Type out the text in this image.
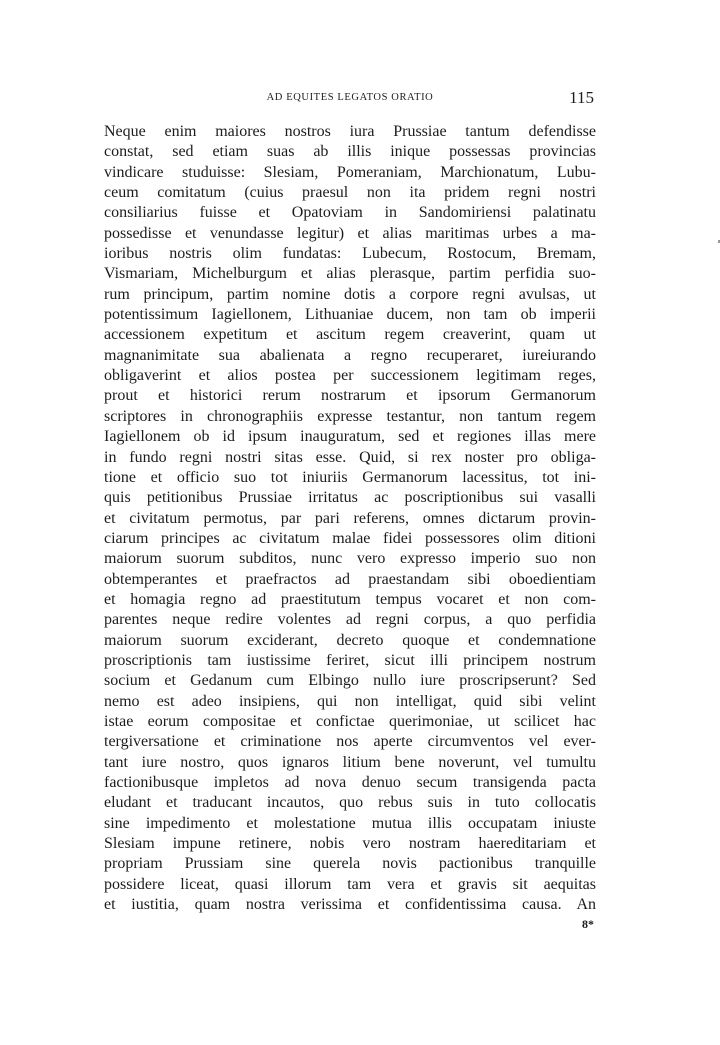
AD EQUITES LEGATOS ORATIO	115
Neque enim maiores nostros iura Prussiae tantum defendisse
constat, sed etiam suas ab illis inique possessas provincias
vindicare studuisse: Slesiam, Pomeraniam, Marchionatum, Lubu-
ceum comitatum (cuius praesul non ita pridem regni nostri
consiliarius fuisse et Opatoviam in Sandomiriensi palatinatu
possedisse et venundasse legitur) et alias maritimas urbes a ma-
ioribus nostris olim fundatas: Lubecum, Rostocum, Bremam,
Vismariam, Michelburgum et alias plerasque, partim perfidia suo-
rum principum, partim nomine dotis a corpore regni avulsas, ut
potentissimum Iagiellonem, Lithuaniae ducem, non tam ob imperii
accessionem expetitum et ascitum regem creaverint, quam ut
magnanimitate sua abalienata a regno recuperaret, iureiurando
obligaverint et alios postea per successionem legitimam reges,
prout et historici rerum nostrarum et ipsorum Germanorum
scriptores in chronographiis expresse testantur, non tantum regem
Iagiellonem ob id ipsum inauguratum, sed et regiones illas mere
in fundo regni nostri sitas esse. Quid, si rex noster pro obliga-
tione et officio suo tot iniuriis Germanorum lacessitus, tot ini-
quis petitionibus Prussiae irritatus ac poscriptionibus sui vasalli
et civitatum permotus, par pari referens, omnes dictarum provin-
ciarum principes ac civitatum malae fidei possessores olim ditioni
maiorum suorum subditos, nunc vero expresso imperio suo non
obtemperantes et praefractos ad praestandam sibi oboedientiam
et homagia regno ad praestitutum tempus vocaret et non com-
parentes neque redire volentes ad regni corpus, a quo perfidia
maiorum suorum exciderant, decreto quoque et condemnatione
proscriptionis tam iustissime feriret, sicut illi principem nostrum
socium et Gedanum cum Elbingo nullo iure proscripserunt? Sed
nemo est adeo insipiens, qui non intelligat, quid sibi velint
istae eorum compositae et confictae querimoniae, ut scilicet hac
tergiversatione et criminatione nos aperte circumventos vel ever-
tant iure nostro, quos ignaros litium bene noverunt, vel tumultu
factionibusque impletos ad nova denuo secum transigenda pacta
eludant et traducant incautos, quo rebus suis in tuto collocatis
sine impedimento et molestatione mutua illis occupatam iniuste
Slesiam impune retinere, nobis vero nostram haereditariam et
propriam Prussiam sine querela novis pactionibus tranquille
possidere liceat, quasi illorum tam vera et gravis sit aequitas
et iustitia, quam nostra verissima et confidentissima causa. An
8*
